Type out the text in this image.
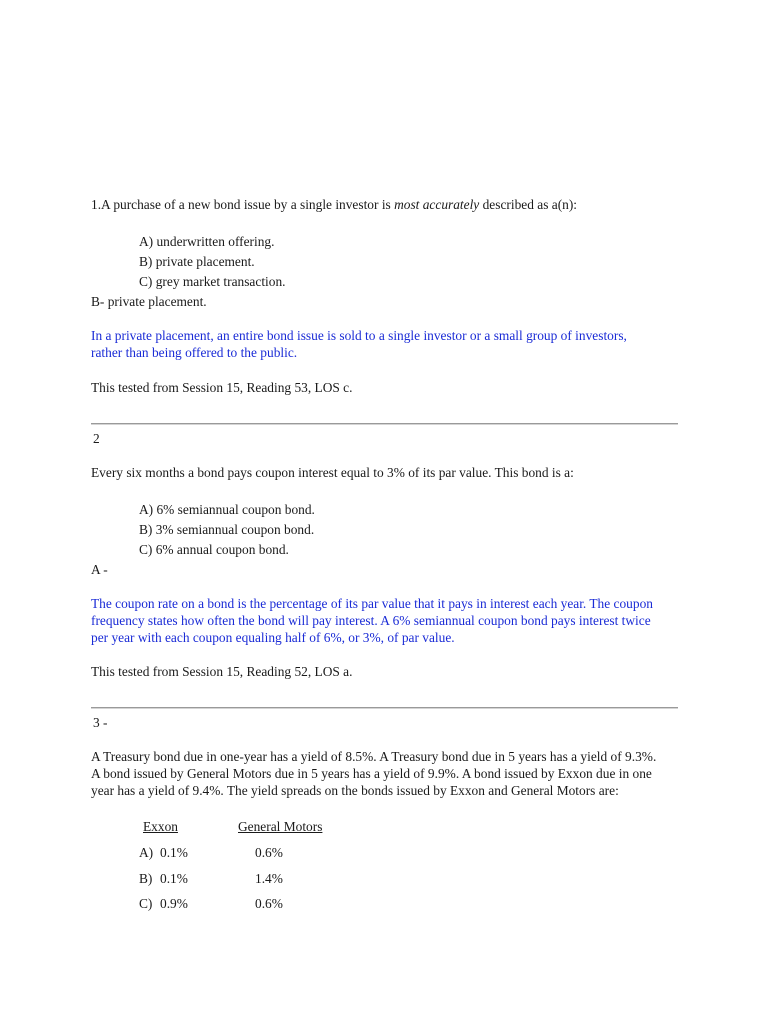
1.A purchase of a new bond issue by a single investor is most accurately described as a(n):
A) underwritten offering.
B) private placement.
C) grey market transaction.
B- private placement.
In a private placement, an entire bond issue is sold to a single investor or a small group of investors,
rather than being offered to the public.
This tested from Session 15, Reading 53, LOS c.
2
Every six months a bond pays coupon interest equal to 3% of its par value. This bond is a:
A) 6% semiannual coupon bond.
B) 3% semiannual coupon bond.
C) 6% annual coupon bond.
A -
The coupon rate on a bond is the percentage of its par value that it pays in interest each year. The coupon
frequency states how often the bond will pay interest. A 6% semiannual coupon bond pays interest twice
per year with each coupon equaling half of 6%, or 3%, of par value.
This tested from Session 15, Reading 52, LOS a.
3 -
A Treasury bond due in one-year has a yield of 8.5%. A Treasury bond due in 5 years has a yield of 9.3%.
A bond issued by General Motors due in 5 years has a yield of 9.9%. A bond issued by Exxon due in one
year has a yield of 9.4%. The yield spreads on the bonds issued by Exxon and General Motors are:
Exxon	General Motors
A) 0.1%	0.6%
B) 0.1%	1.4%
C) 0.9%	0.6%
